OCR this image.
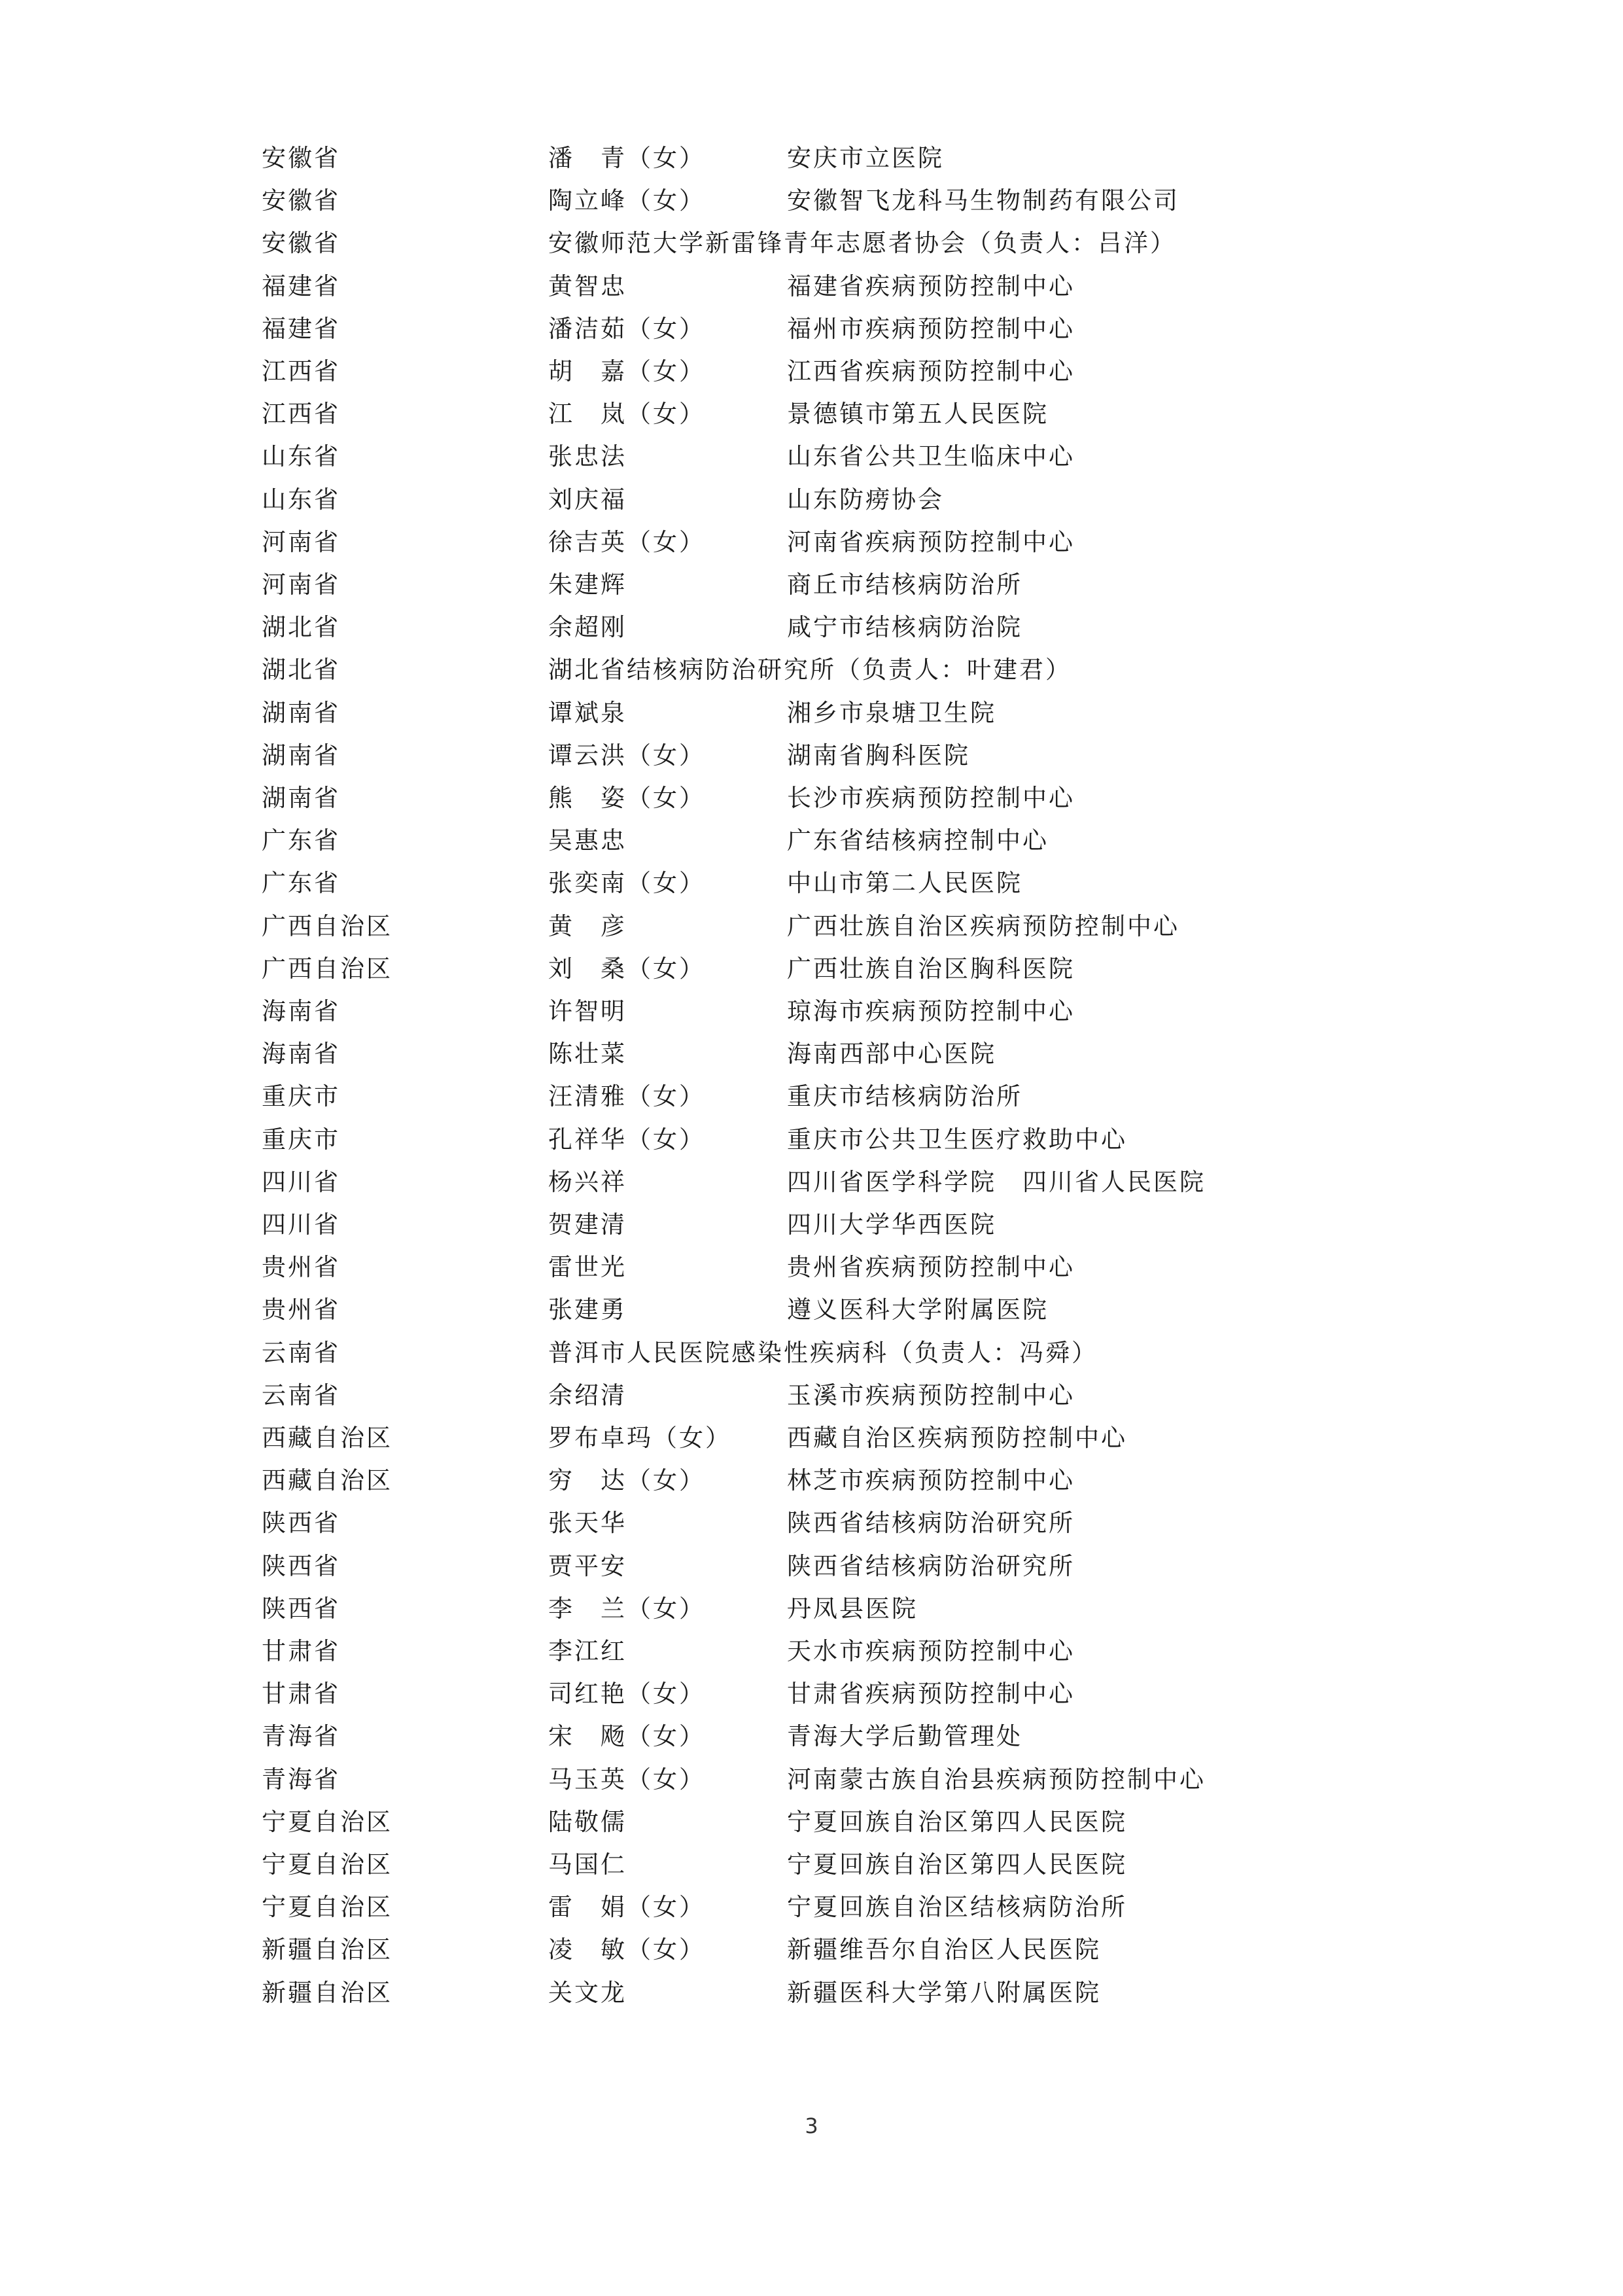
安徽省	潘　青（女）	安庆市立医院
安徽省	陶立峰（女）	安徽智飞龙科马生物制药有限公司
安徽省	安徽师范大学新雷锋青年志愿者协会（负责人：吕洋）
福建省	黄智忠	福建省疾病预防控制中心
福建省	潘洁茹（女）	福州市疾病预防控制中心
江西省	胡　嘉（女）	江西省疾病预防控制中心
江西省	江　岚（女）	景德镇市第五人民医院
山东省	张忠法	山东省公共卫生临床中心
山东省	刘庆福	山东防痨协会
河南省	徐吉英（女）	河南省疾病预防控制中心
河南省	朱建辉	商丘市结核病防治所
湖北省	余超刚	咸宁市结核病防治院
湖北省	湖北省结核病防治研究所（负责人：叶建君）
湖南省	谭斌泉	湘乡市泉塘卫生院
湖南省	谭云洪（女）	湖南省胸科医院
湖南省	熊　姿（女）	长沙市疾病预防控制中心
广东省	吴惠忠	广东省结核病控制中心
广东省	张奕南（女）	中山市第二人民医院
广西自治区	黄　彦	广西壮族自治区疾病预防控制中心
广西自治区	刘　桑（女）	广西壮族自治区胸科医院
海南省	许智明	琼海市疾病预防控制中心
海南省	陈壮菜	海南西部中心医院
重庆市	汪清雅（女）	重庆市结核病防治所
重庆市	孔祥华（女）	重庆市公共卫生医疗救助中心
四川省	杨兴祥	四川省医学科学院　四川省人民医院
四川省	贺建清	四川大学华西医院
贵州省	雷世光	贵州省疾病预防控制中心
贵州省	张建勇	遵义医科大学附属医院
云南省	普洱市人民医院感染性疾病科（负责人：冯舜）
云南省	余绍清	玉溪市疾病预防控制中心
西藏自治区	罗布卓玛（女） 西藏自治区疾病预防控制中心
西藏自治区	穷　达（女）	林芝市疾病预防控制中心
陕西省	张天华	陕西省结核病防治研究所
陕西省	贾平安	陕西省结核病防治研究所
陕西省	李　兰（女）	丹凤县医院
甘肃省	李江红	天水市疾病预防控制中心
甘肃省	司红艳（女）	甘肃省疾病预防控制中心
青海省	宋　飏（女）	青海大学后勤管理处
青海省	马玉英（女）	河南蒙古族自治县疾病预防控制中心
宁夏自治区	陆敬儒	宁夏回族自治区第四人民医院
宁夏自治区	马国仁	宁夏回族自治区第四人民医院
宁夏自治区	雷　娟（女）	宁夏回族自治区结核病防治所
新疆自治区	凌　敏（女）	新疆维吾尔自治区人民医院
新疆自治区	关文龙	新疆医科大学第八附属医院
3
